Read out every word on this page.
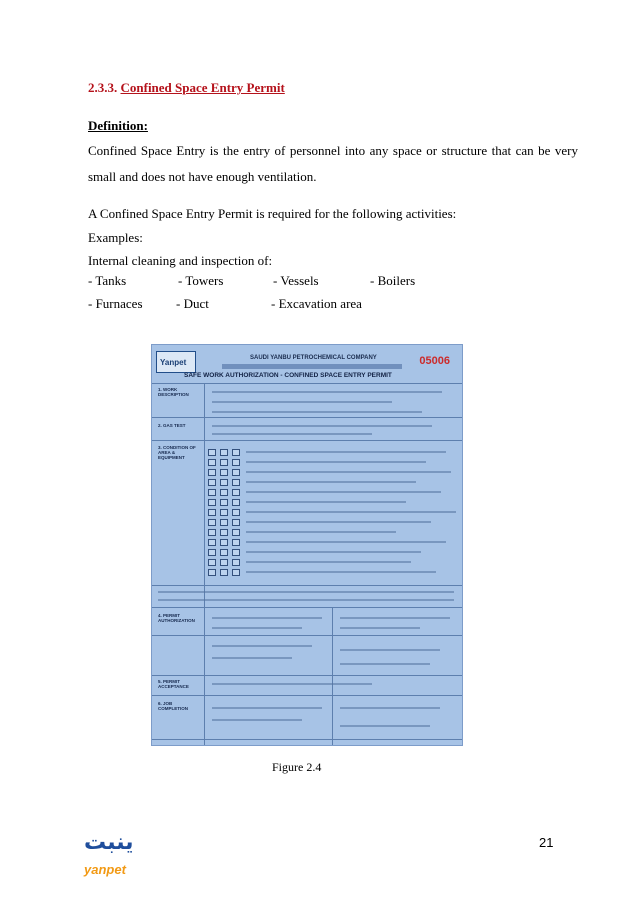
2.3.3. Confined Space Entry Permit
Definition:
Confined Space Entry is the entry of personnel into any space or structure that can be very small and does not have enough ventilation.
A Confined Space Entry Permit is required for the following activities:
Examples:
Internal cleaning and inspection of:
- Tanks	- Towers	- Vessels	- Boilers
- Furnaces	- Duct	- Excavation area
Yanpet	SAUDI YANBU PETROCHEMICAL COMPANY
SAFE WORK AUTHORIZATION - CONFINED SPACE ENTRY PERMIT
05006
1. WORK DESCRIPTION
2. GAS TEST
3. CONDITION OF AREA & EQUIPMENT
4. PERMIT AUTHORIZATION
5. PERMIT ACCEPTANCE
6. JOB COMPLETION
Figure 2.4
ينبت
yanpet
21
